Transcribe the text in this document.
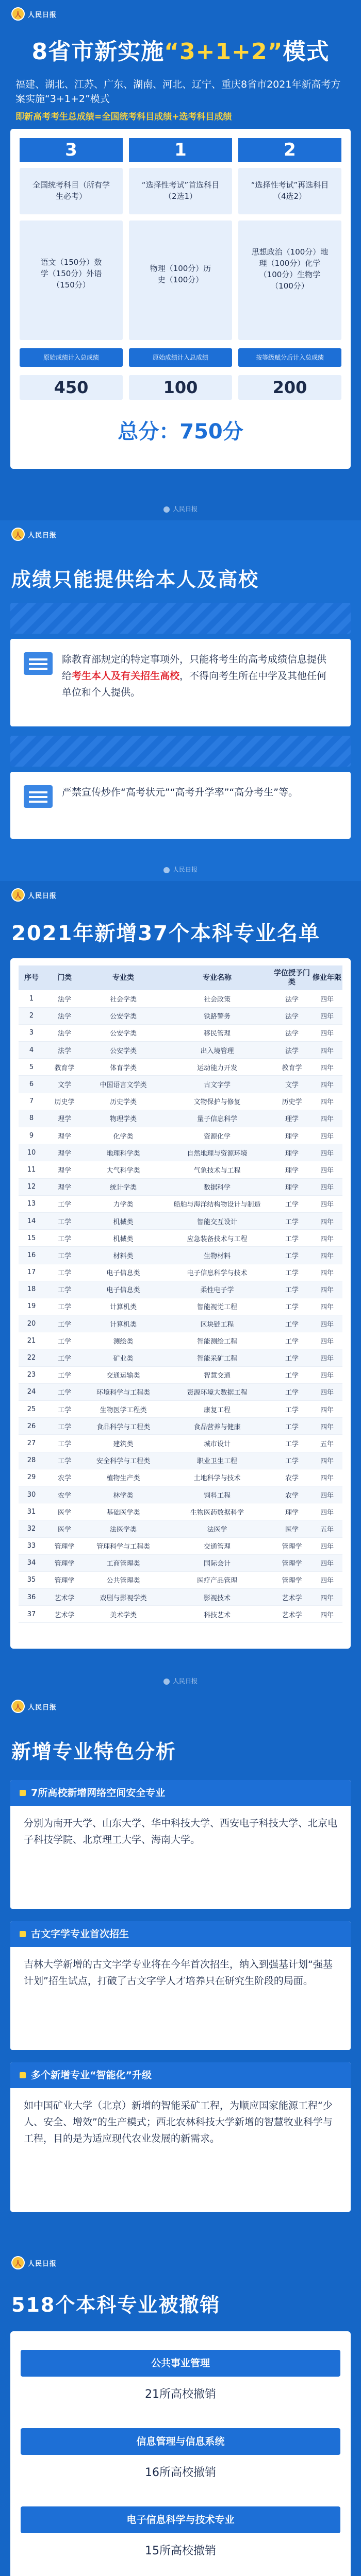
人 人民日报
8省市新实施“3+1+2”模式
福建、湖北、江苏、广东、湖南、河北、辽宁、重庆8省市2021年新高考方案实施“3+1+2”模式
即新高考考生总成绩=全国统考科目成绩+选考科目成绩
3	1	2
全国统考科目（所有学生必考）
“选择性考试”首选科目（2选1）
“选择性考试”再选科目（4选2）
语文（150分）数学（150分）外语（150分）
物理（100分）历史（100分）
思想政治（100分）地理（100分）化学（100分）生物学（100分）
原始成绩计入总成绩	原始成绩计入总成绩	按等级赋分后计入总成绩
450	100	200
总分：750分
人民日报
人 人民日报
成绩只能提供给本人及高校
除教育部规定的特定事项外，只能将考生的高考成绩信息提供给考生本人及有关招生高校，不得向考生所在中学及其他任何单位和个人提供。
严禁宣传炒作“高考状元”“高考升学率”“高分考生”等。
人民日报
人 人民日报
2021年新增37个本科专业名单
序号	门类	专业类	专业名称	学位授予门类	修业年限
1	法学	社会学类	社会政策	法学	四年
2	法学	公安学类	铁路警务	法学	四年
3	法学	公安学类	移民管理	法学	四年
4	法学	公安学类	出入境管理	法学	四年
5	教育学	体育学类	运动能力开发	教育学	四年
6	文学	中国语言文学类	古文字学	文学	四年
7	历史学	历史学类	文物保护与修复	历史学	四年
8	理学	物理学类	量子信息科学	理学	四年
9	理学	化学类	资源化学	理学	四年
10	理学	地理科学类	自然地理与资源环境	理学	四年
11	理学	大气科学类	气象技术与工程	理学	四年
12	理学	统计学类	数据科学	理学	四年
13	工学	力学类	船舶与海洋结构物设计与制造	工学	四年
14	工学	机械类	智能交互设计	工学	四年
15	工学	机械类	应急装备技术与工程	工学	四年
16	工学	材料类	生物材料	工学	四年
17	工学	电子信息类	电子信息科学与技术	工学	四年
18	工学	电子信息类	柔性电子学	工学	四年
19	工学	计算机类	智能视觉工程	工学	四年
20	工学	计算机类	区块链工程	工学	四年
21	工学	测绘类	智能测绘工程	工学	四年
22	工学	矿业类	智能采矿工程	工学	四年
23	工学	交通运输类	智慧交通	工学	四年
24	工学	环境科学与工程类	资源环境大数据工程	工学	四年
25	工学	生物医学工程类	康复工程	工学	四年
26	工学	食品科学与工程类	食品营养与健康	工学	四年
27	工学	建筑类	城市设计	工学	五年
28	工学	安全科学与工程类	职业卫生工程	工学	四年
29	农学	植物生产类	土地科学与技术	农学	四年
30	农学	林学类	饲料工程	农学	四年
31	医学	基础医学类	生物医药数据科学	理学	四年
32	医学	法医学类	法医学	医学	五年
33	管理学	管理科学与工程类	交通管理	管理学	四年
34	管理学	工商管理类	国际会计	管理学	四年
35	管理学	公共管理类	医疗产品管理	管理学	四年
36	艺术学	戏剧与影视学类	影视技术	艺术学	四年
37	艺术学	美术学类	科技艺术	艺术学	四年
人民日报
人 人民日报
新增专业特色分析
7所高校新增网络空间安全专业
分别为南开大学、山东大学、华中科技大学、西安电子科技大学、北京电子科技学院、北京理工大学、海南大学。
古文字学专业首次招生
吉林大学新增的古文字学专业将在今年首次招生，纳入到强基计划“强基计划”招生试点，打破了古文字学人才培养只在研究生阶段的局面。
多个新增专业“智能化”升级
如中国矿业大学（北京）新增的智能采矿工程，为顺应国家能源工程“少人、安全、增效”的生产模式；西北农林科技大学新增的智慧牧业科学与工程，目的是为适应现代农业发展的新需求。
人 人民日报
518个本科专业被撤销
公共事业管理
21所高校撤销
信息管理与信息系统
16所高校撤销
电子信息科学与技术专业
15所高校撤销
